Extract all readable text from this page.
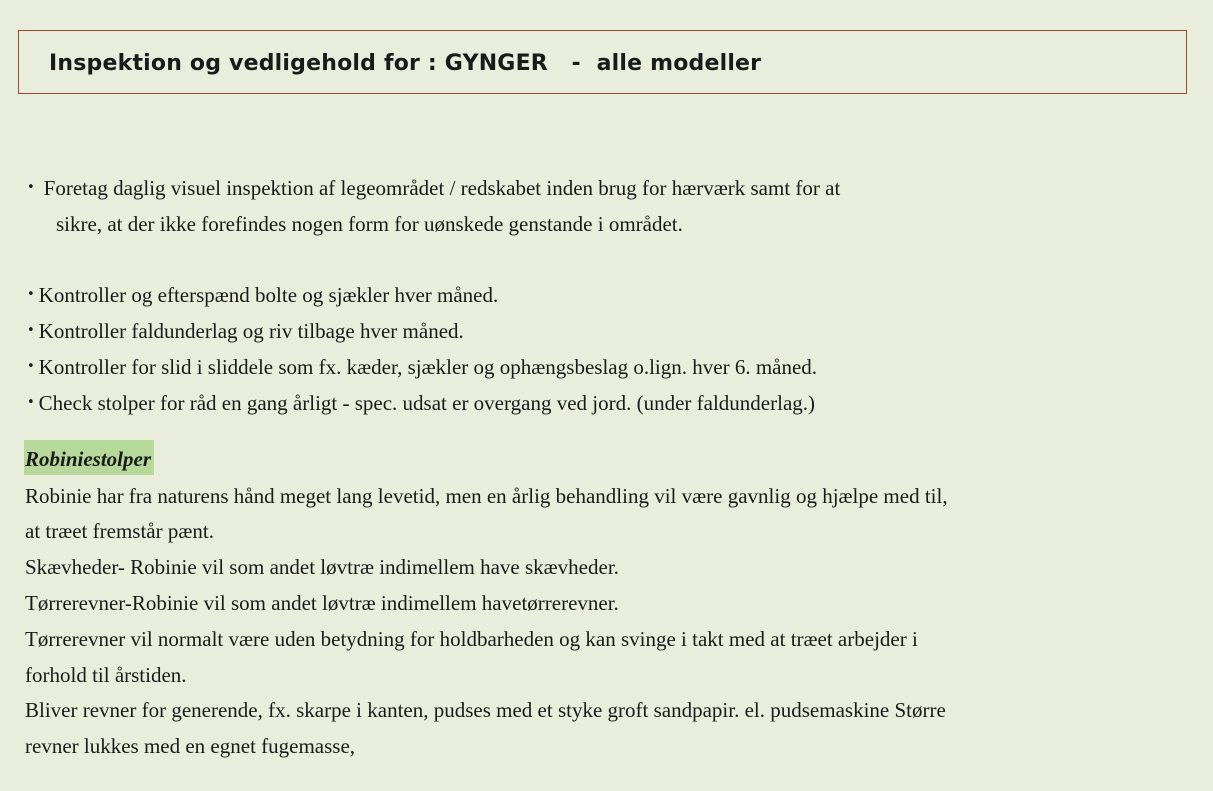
Inspektion og vedligehold for : GYNGER   -  alle modeller
• Foretag daglig visuel inspektion af legeområdet / redskabet inden brug for hærværk samt for at
sikre, at der ikke forefindes nogen form for uønskede genstande i området.
• Kontroller og efterspænd bolte og sjækler hver måned.
• Kontroller faldunderlag og riv tilbage hver måned.
• Kontroller for slid i sliddele som fx. kæder, sjækler og ophængsbeslag o.lign. hver 6. måned.
• Check stolper for råd en gang årligt - spec. udsat er overgang ved jord. (under faldunderlag.)
Robiniestolper
Robinie har fra naturens hånd meget lang levetid, men en årlig behandling vil være gavnlig og hjælpe med til,
at træet fremstår pænt.
Skævheder- Robinie vil som andet løvtræ indimellem have skævheder.
Tørrerevner-Robinie vil som andet løvtræ indimellem havetørrerevner.
Tørrerevner vil normalt være uden betydning for holdbarheden og kan svinge i takt med at træet arbejder i
forhold til årstiden.
Bliver revner for generende, fx. skarpe i kanten, pudses med et styke groft sandpapir. el. pudsemaskine Større
revner lukkes med en egnet fugemasse,
